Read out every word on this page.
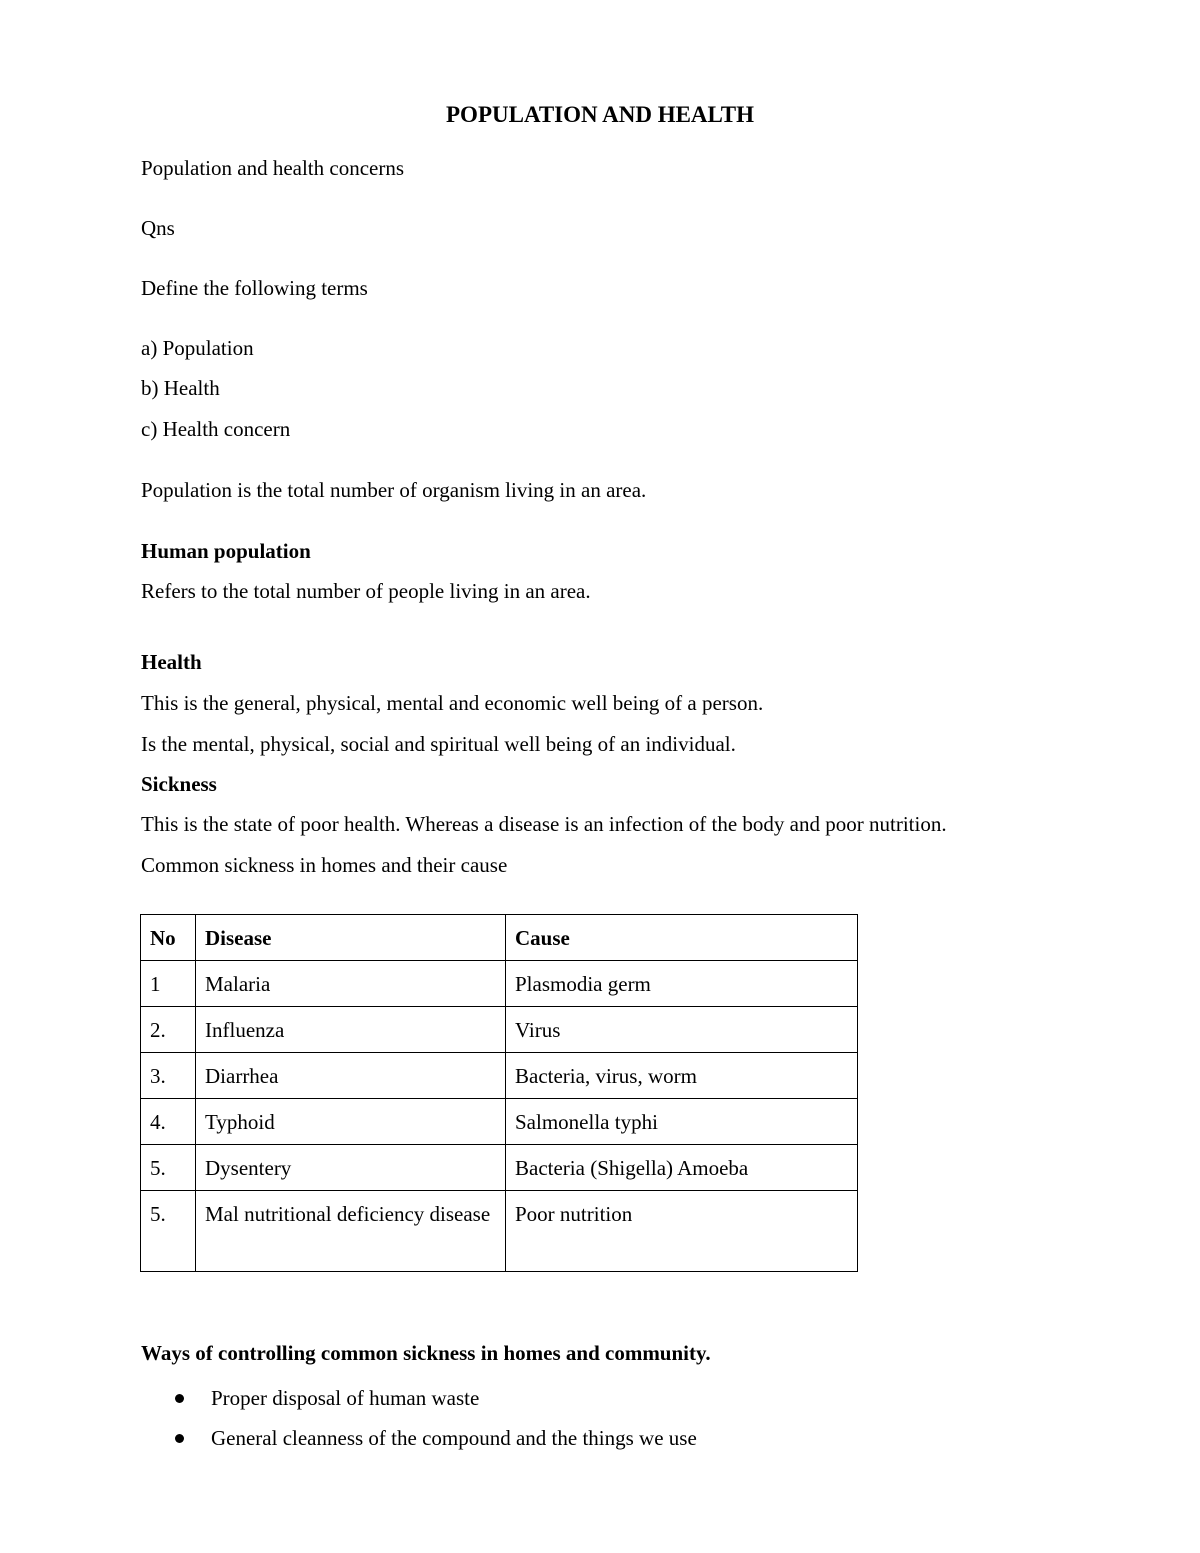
POPULATION AND HEALTH
Population and health concerns
Qns
Define the following terms
a) Population
b) Health
c) Health concern
Population is the total number of organism living in an area.
Human population
Refers to the total number of people living in an area.
Health
This is the general, physical, mental and economic well being of a person.
Is the mental, physical, social and spiritual well being of an individual.
Sickness
This is the state of poor health. Whereas a disease is an infection of the body and poor nutrition.
Common sickness in homes and their cause
No	Disease	Cause
1	Malaria	Plasmodia germ
2.	Influenza	Virus
3.	Diarrhea	Bacteria, virus, worm
4.	Typhoid	Salmonella typhi
5.	Dysentery	Bacteria (Shigella) Amoeba
5.	Mal nutritional deficiency disease	Poor nutrition
Ways of controlling common sickness in homes and community.
Proper disposal of human waste
General cleanness of the compound and the things we use
